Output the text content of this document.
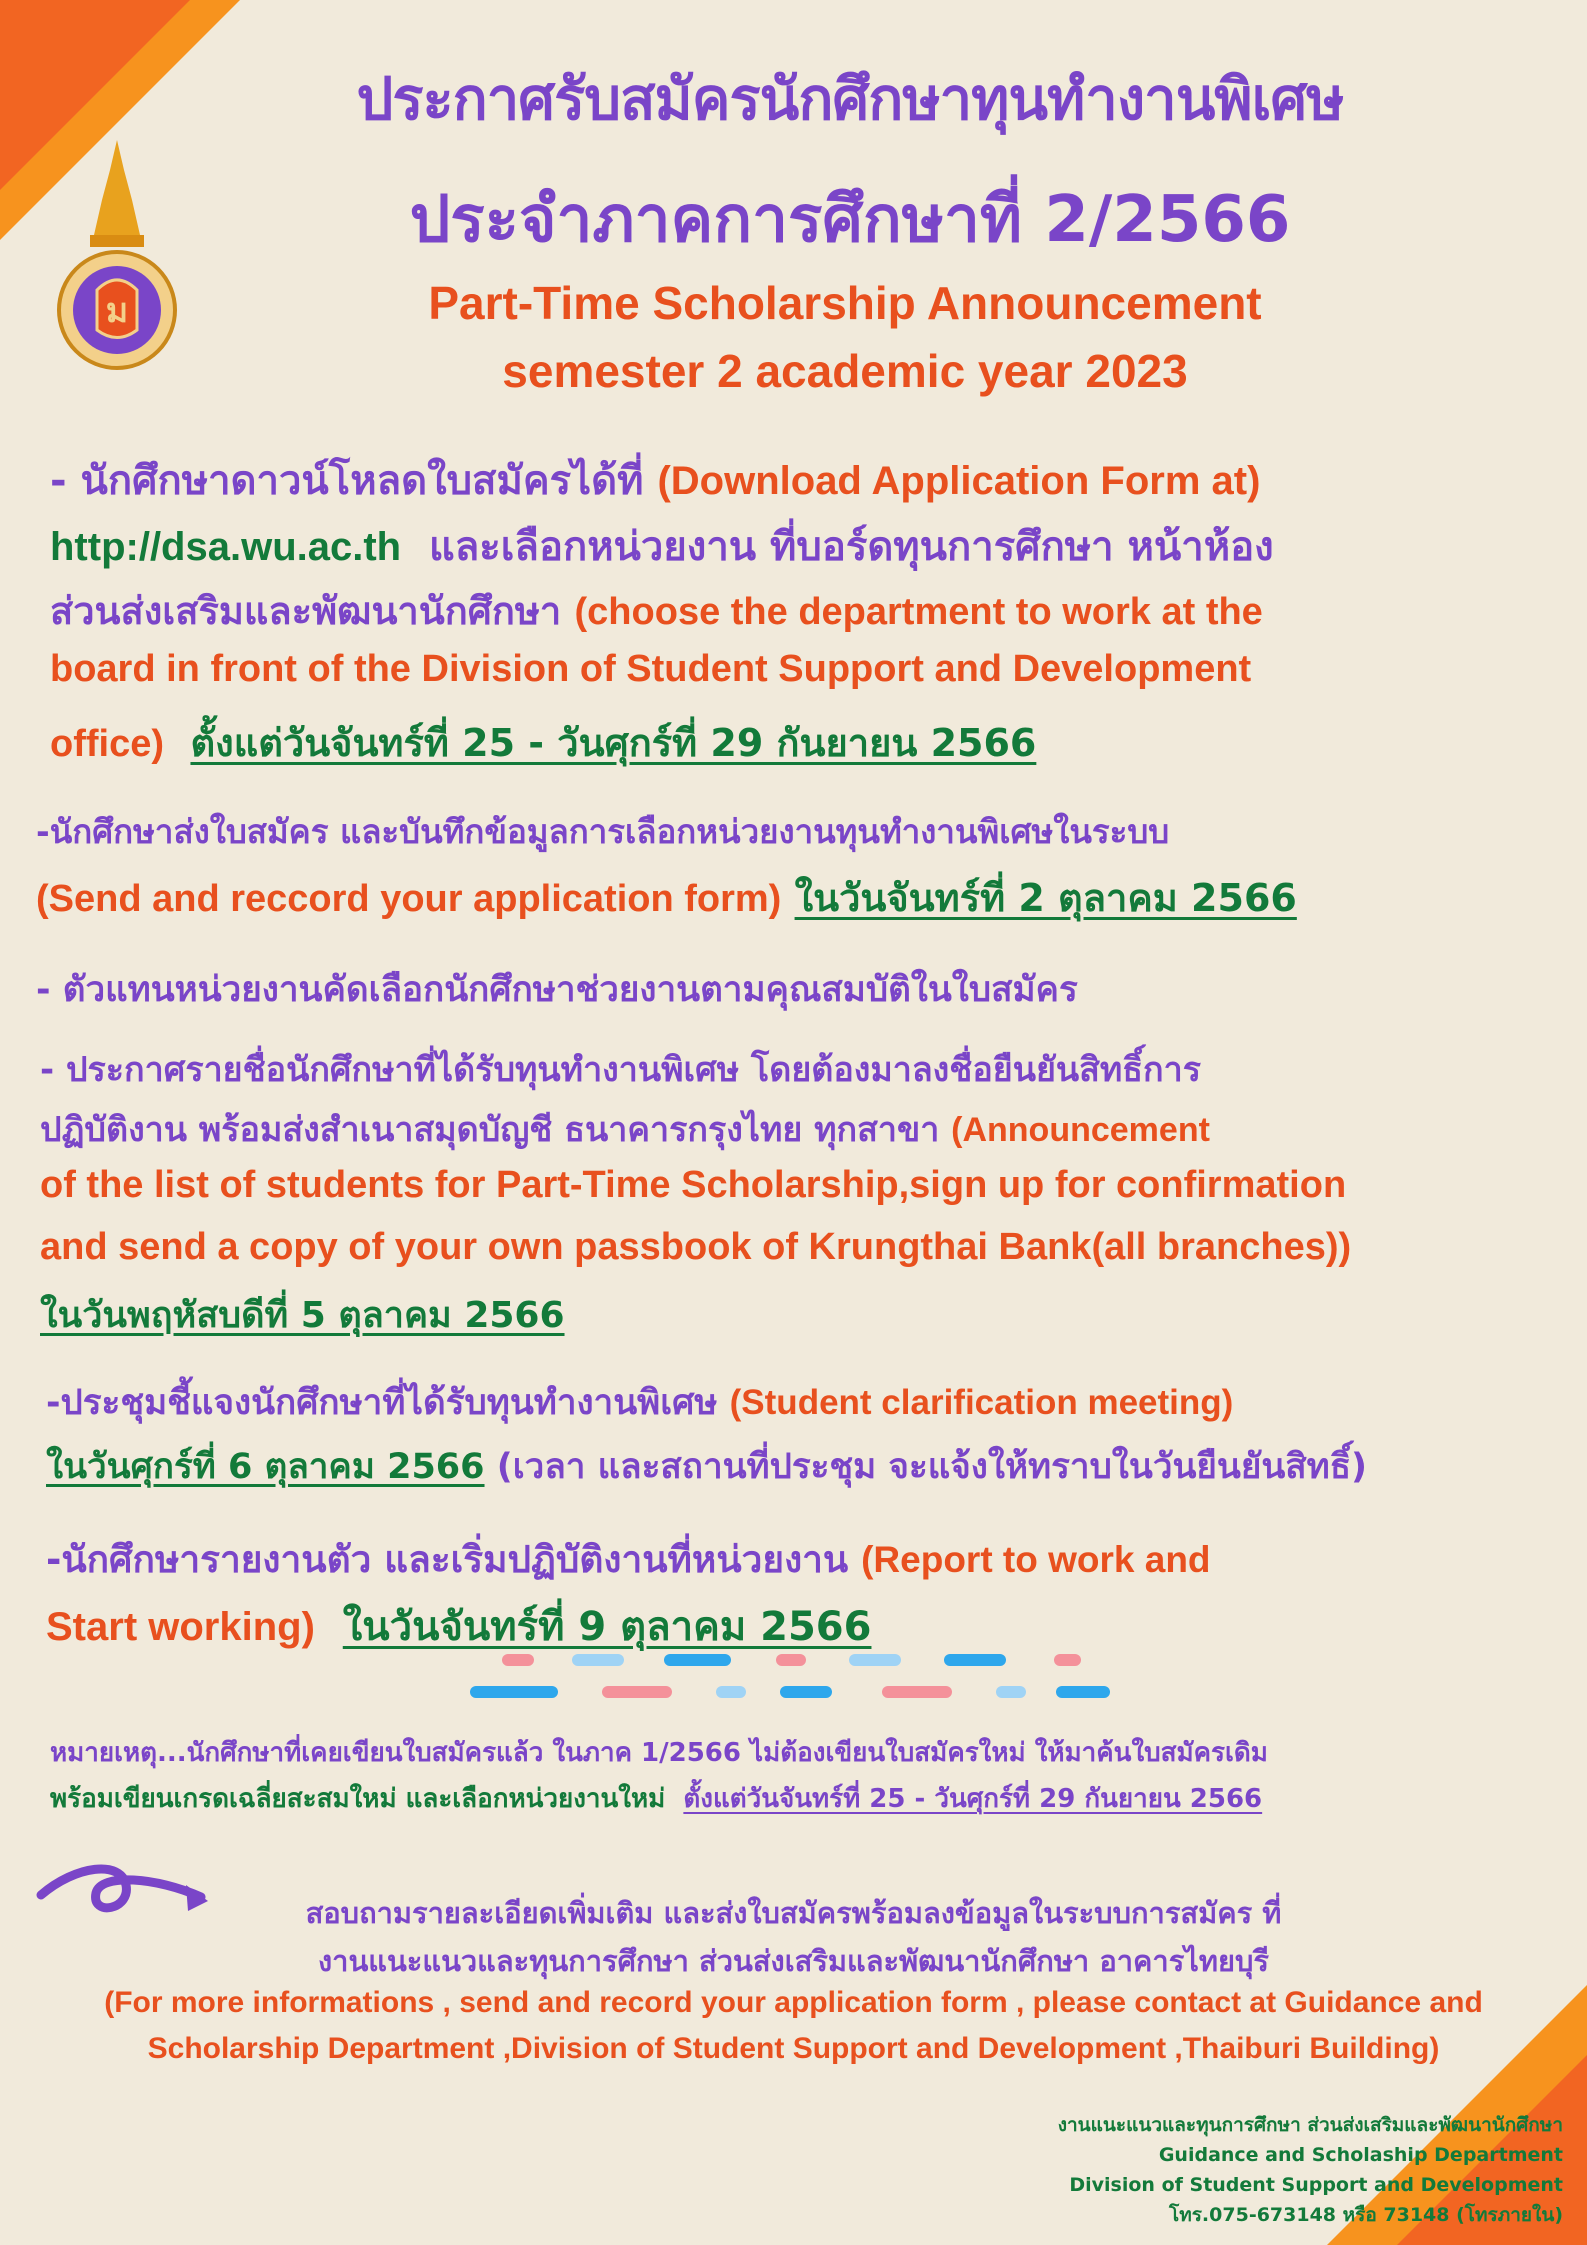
ม
ประกาศรับสมัครนักศึกษาทุนทำงานพิเศษ
ประจำภาคการศึกษาที่ 2/2566
Part-Time Scholarship Announcement
semester 2 academic year 2023
- นักศึกษาดาวน์โหลดใบสมัครได้ที่ (Download Application Form at)
http://dsa.wu.ac.th และเลือกหน่วยงาน ที่บอร์ดทุนการศึกษา หน้าห้อง
ส่วนส่งเสริมและพัฒนานักศึกษา (choose the department to work at the
board in front of the Division of Student Support and Development
office) ตั้งแต่วันจันทร์ที่ 25 - วันศุกร์ที่ 29 กันยายน 2566
-นักศึกษาส่งใบสมัคร และบันทึกข้อมูลการเลือกหน่วยงานทุนทำงานพิเศษในระบบ
(Send and reccord your application form) ในวันจันทร์ที่ 2 ตุลาคม 2566
- ตัวแทนหน่วยงานคัดเลือกนักศึกษาช่วยงานตามคุณสมบัติในใบสมัคร
- ประกาศรายชื่อนักศึกษาที่ได้รับทุนทำงานพิเศษ โดยต้องมาลงชื่อยืนยันสิทธิ์การ
ปฏิบัติงาน พร้อมส่งสำเนาสมุดบัญชี ธนาคารกรุงไทย ทุกสาขา (Announcement
of the list of students for Part-Time Scholarship,sign up for confirmation
and send a copy of your own passbook of Krungthai Bank(all branches))
ในวันพฤหัสบดีที่ 5 ตุลาคม 2566
-ประชุมชี้แจงนักศึกษาที่ได้รับทุนทำงานพิเศษ (Student clarification meeting)
ในวันศุกร์ที่ 6 ตุลาคม 2566 (เวลา และสถานที่ประชุม จะแจ้งให้ทราบในวันยืนยันสิทธิ์)
-นักศึกษารายงานตัว และเริ่มปฏิบัติงานที่หน่วยงาน (Report to work and
Start working) ในวันจันทร์ที่ 9 ตุลาคม 2566
หมายเหตุ...นักศึกษาที่เคยเขียนใบสมัครแล้ว ในภาค 1/2566 ไม่ต้องเขียนใบสมัครใหม่ ให้มาค้นใบสมัครเดิม
พร้อมเขียนเกรดเฉลี่ยสะสมใหม่ และเลือกหน่วยงานใหม่ ตั้งแต่วันจันทร์ที่ 25 - วันศุกร์ที่ 29 กันยายน 2566
สอบถามรายละเอียดเพิ่มเติม และส่งใบสมัครพร้อมลงข้อมูลในระบบการสมัคร ที่
งานแนะแนวและทุนการศึกษา ส่วนส่งเสริมและพัฒนานักศึกษา อาคารไทยบุรี
(For more informations , send and record your application form , please contact at Guidance and
Scholarship Department ,Division of Student Support and Development ,Thaiburi Building)
งานแนะแนวและทุนการศึกษา ส่วนส่งเสริมและพัฒนานักศึกษา
Guidance and Scholaship Department
Division of Student Support and Development
โทร.075-673148 หรือ 73148 (โทรภายใน)
